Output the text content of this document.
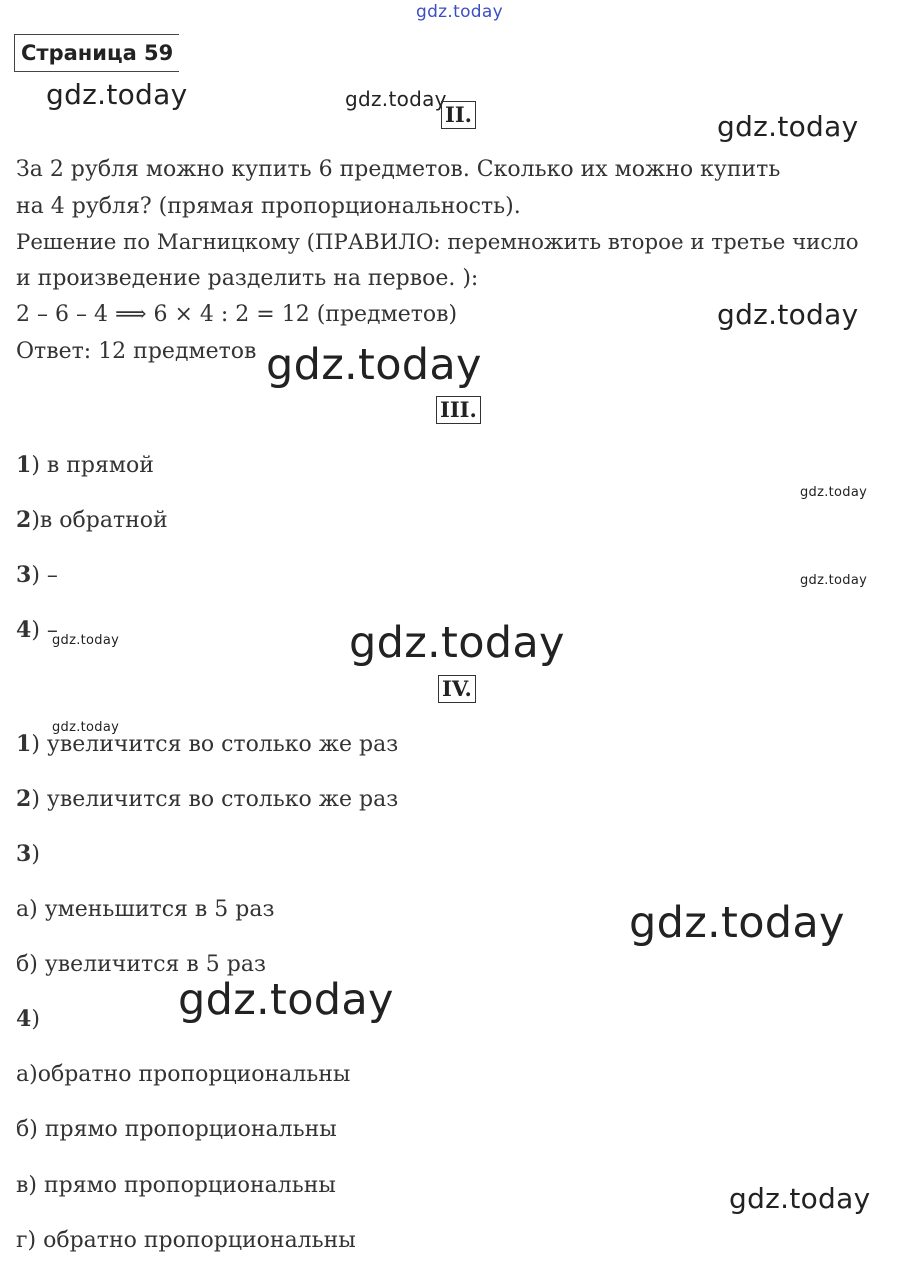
gdz.today
Страница 59
gdz.today	gdz.today
gdz.today
gdz.today
gdz.today
gdz.today
gdz.today
gdz.today	gdz.today
gdz.today
gdz.today
gdz.today
gdz.today
II.
За 2 рубля можно купить 6 предметов. Сколько их можно купить
на 4 рубля? (прямая пропорциональность).
Решение по Магницкому (ПРАВИЛО: перемножить второе и третье число
и произведение разделить на первое. ):
2 – 6 – 4 ⟹ 6 × 4 : 2 = 12 (предметов)
Ответ: 12 предметов
III.
1) в прямой
2)в обратной
3) –
4) –
IV.
1) увеличится во столько же раз
2) увеличится во столько же раз
3)
а) уменьшится в 5 раз
б) увеличится в 5 раз
4)
а)обратно пропорциональны
б) прямо пропорциональны
в) прямо пропорциональны
г) обратно пропорциональны
